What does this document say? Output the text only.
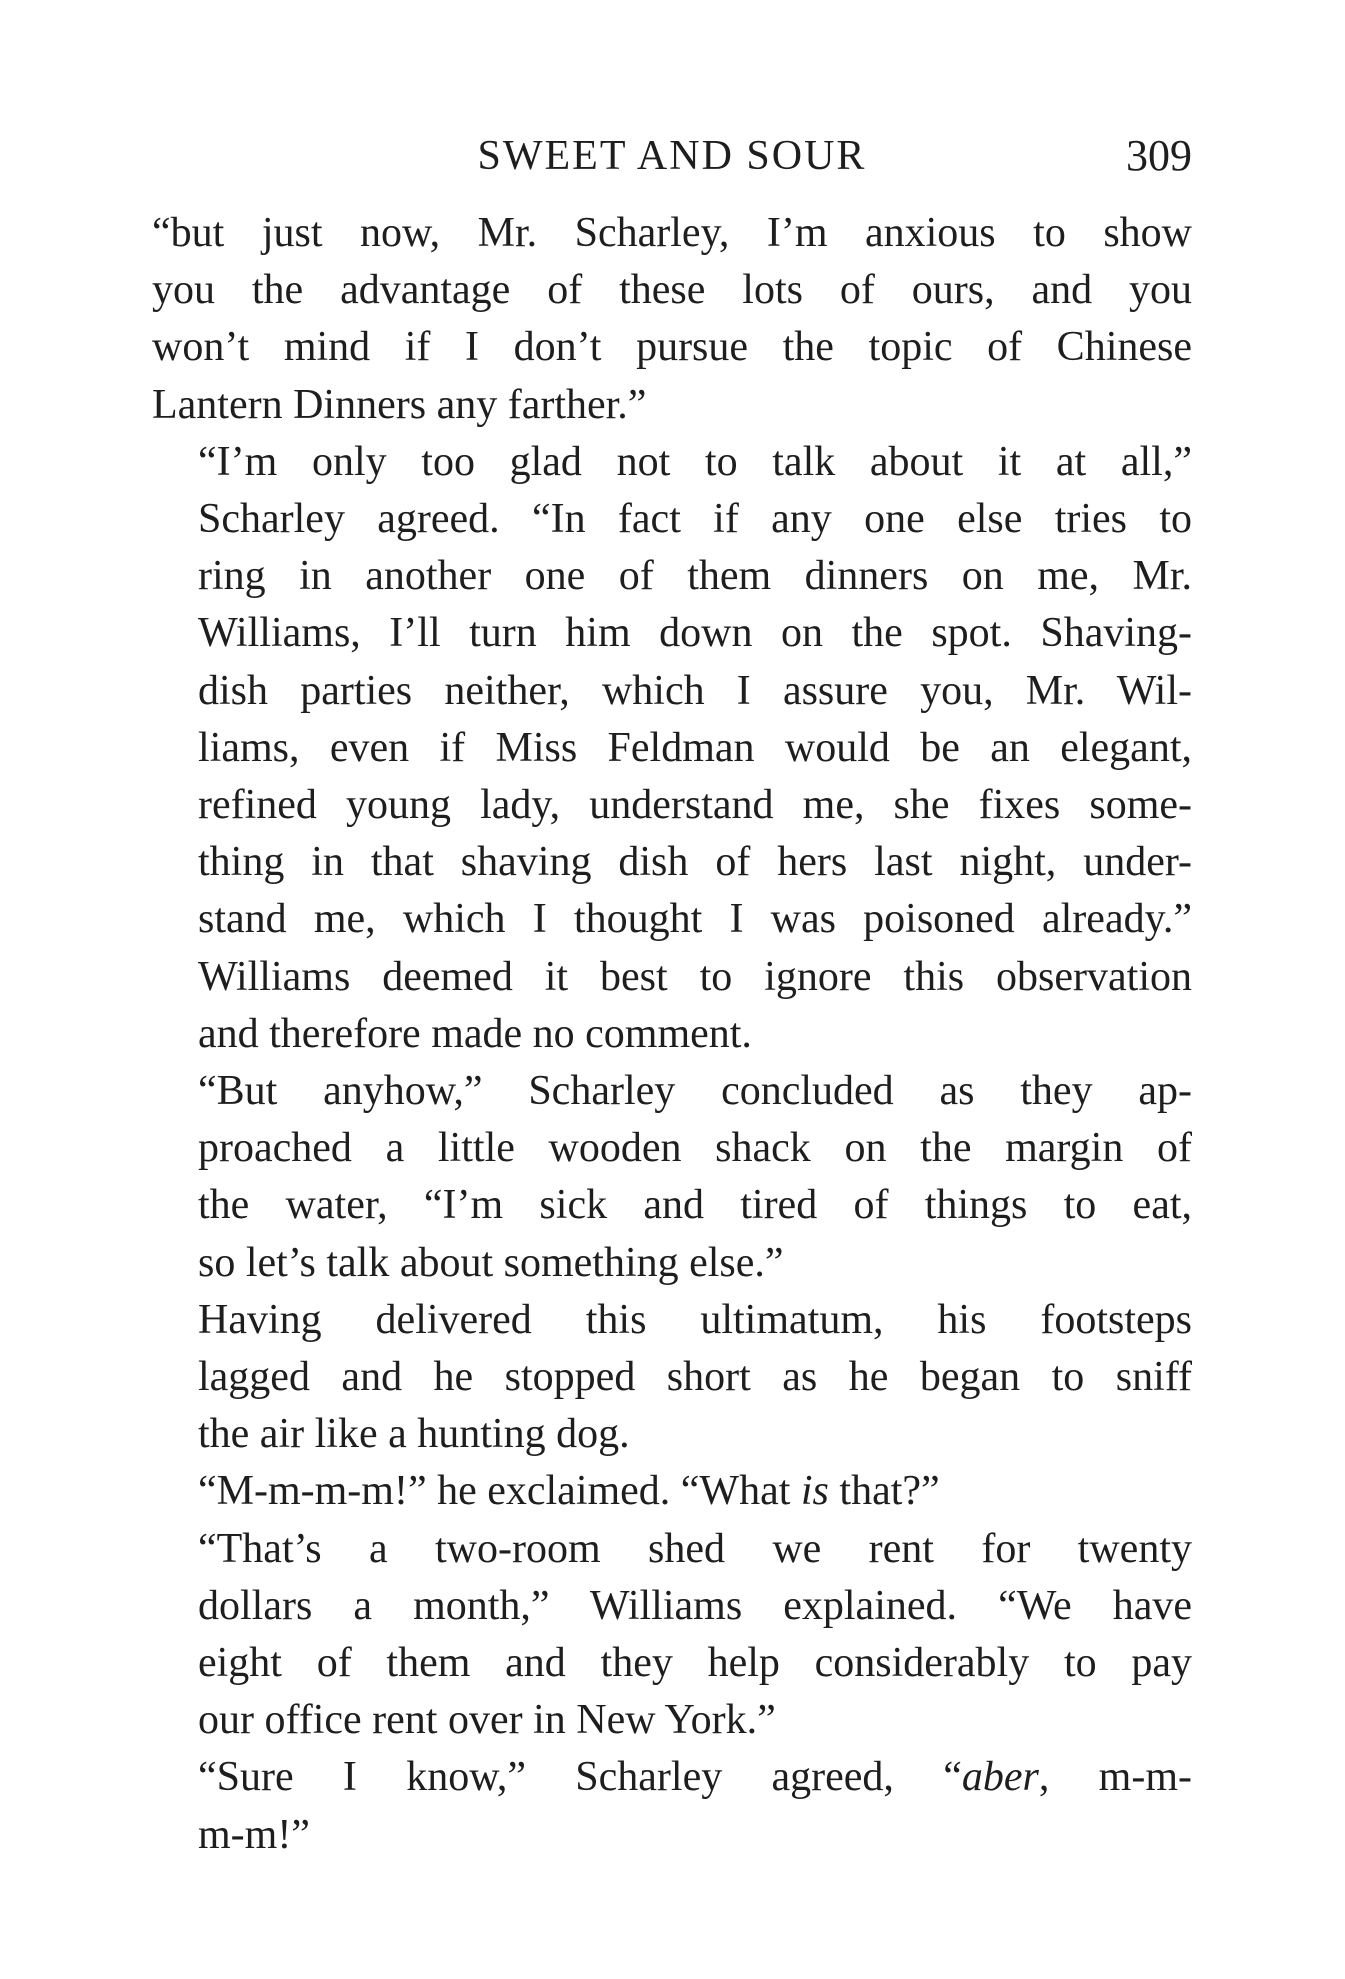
SWEET AND SOUR	309

“but just now, Mr. Scharley, I’m anxious to show
you the advantage of these lots of ours, and you
won’t mind if I don’t pursue the topic of Chinese
Lantern Dinners any farther.”

“I’m only too glad not to talk about it at all,”
Scharley agreed. “In fact if any one else tries to
ring in another one of them dinners on me, Mr.
Williams, I’ll turn him down on the spot. Shaving-
dish parties neither, which I assure you, Mr. Wil-
liams, even if Miss Feldman would be an elegant,
refined young lady, understand me, she fixes some-
thing in that shaving dish of hers last night, under-
stand me, which I thought I was poisoned already.”

Williams deemed it best to ignore this observation
and therefore made no comment.

“But anyhow,” Scharley concluded as they ap-
proached a little wooden shack on the margin of
the water, “I’m sick and tired of things to eat,
so let’s talk about something else.”

Having delivered this ultimatum, his footsteps
lagged and he stopped short as he began to sniff
the air like a hunting dog.

“M-m-m-m!” he exclaimed. “What is that?”

“That’s a two-room shed we rent for twenty
dollars a month,” Williams explained. “We have
eight of them and they help considerably to pay
our office rent over in New York.”

“Sure I know,” Scharley agreed, “aber, m-m-
m-m!”
